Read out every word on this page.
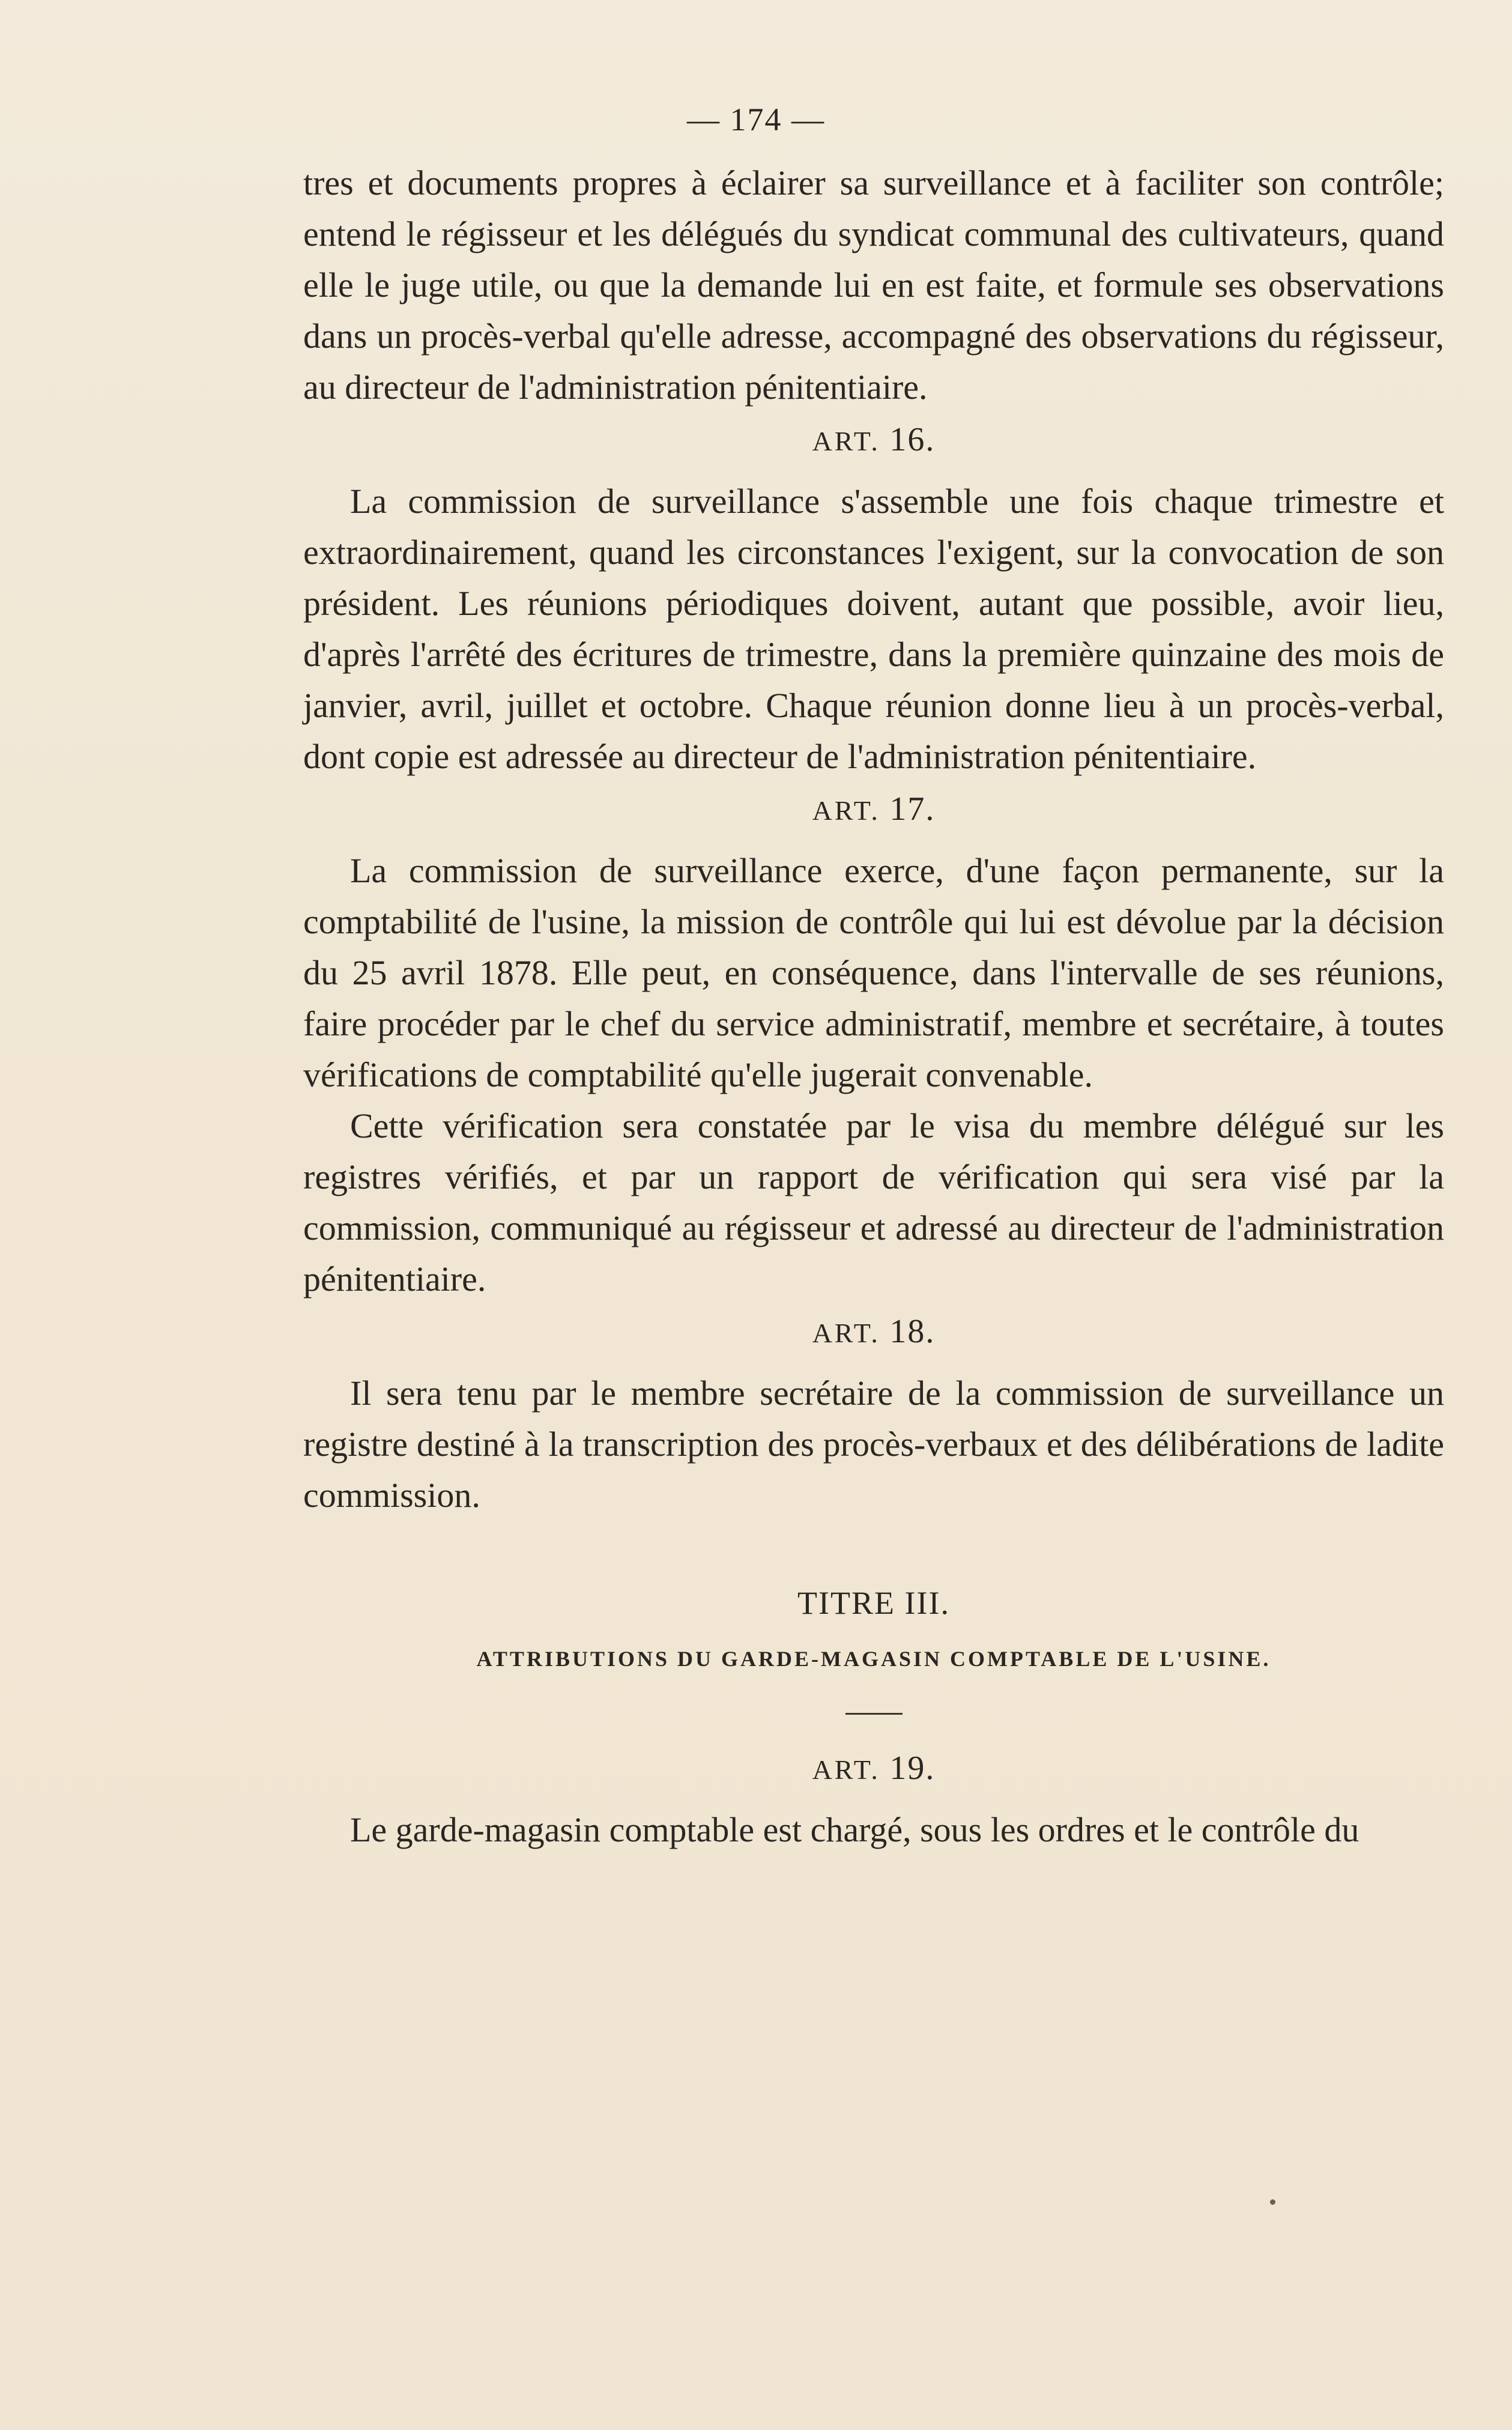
— 174 —

tres et documents propres à éclairer sa surveillance et à faciliter son contrôle; entend le régisseur et les délégués du syndicat communal des cultivateurs, quand elle le juge utile, ou que la demande lui en est faite, et formule ses observations dans un procès-verbal qu'elle adresse, accompagné des observations du régisseur, au directeur de l'administration pénitentiaire.

ART. 16.

La commission de surveillance s'assemble une fois chaque trimestre et extraordinairement, quand les circonstances l'exigent, sur la convocation de son président. Les réunions périodiques doivent, autant que possible, avoir lieu, d'après l'arrêté des écritures de trimestre, dans la première quinzaine des mois de janvier, avril, juillet et octobre. Chaque réunion donne lieu à un procès-verbal, dont copie est adressée au directeur de l'administration pénitentiaire.

ART. 17.

La commission de surveillance exerce, d'une façon permanente, sur la comptabilité de l'usine, la mission de contrôle qui lui est dévolue par la décision du 25 avril 1878. Elle peut, en conséquence, dans l'intervalle de ses réunions, faire procéder par le chef du service administratif, membre et secrétaire, à toutes vérifications de comptabilité qu'elle jugerait convenable.

Cette vérification sera constatée par le visa du membre délégué sur les registres vérifiés, et par un rapport de vérification qui sera visé par la commission, communiqué au régisseur et adressé au directeur de l'administration pénitentiaire.

ART. 18.

Il sera tenu par le membre secrétaire de la commission de surveillance un registre destiné à la transcription des procès-verbaux et des délibérations de ladite commission.

TITRE III.

ATTRIBUTIONS DU GARDE-MAGASIN COMPTABLE DE L'USINE.

ART. 19.

Le garde-magasin comptable est chargé, sous les ordres et le contrôle du
